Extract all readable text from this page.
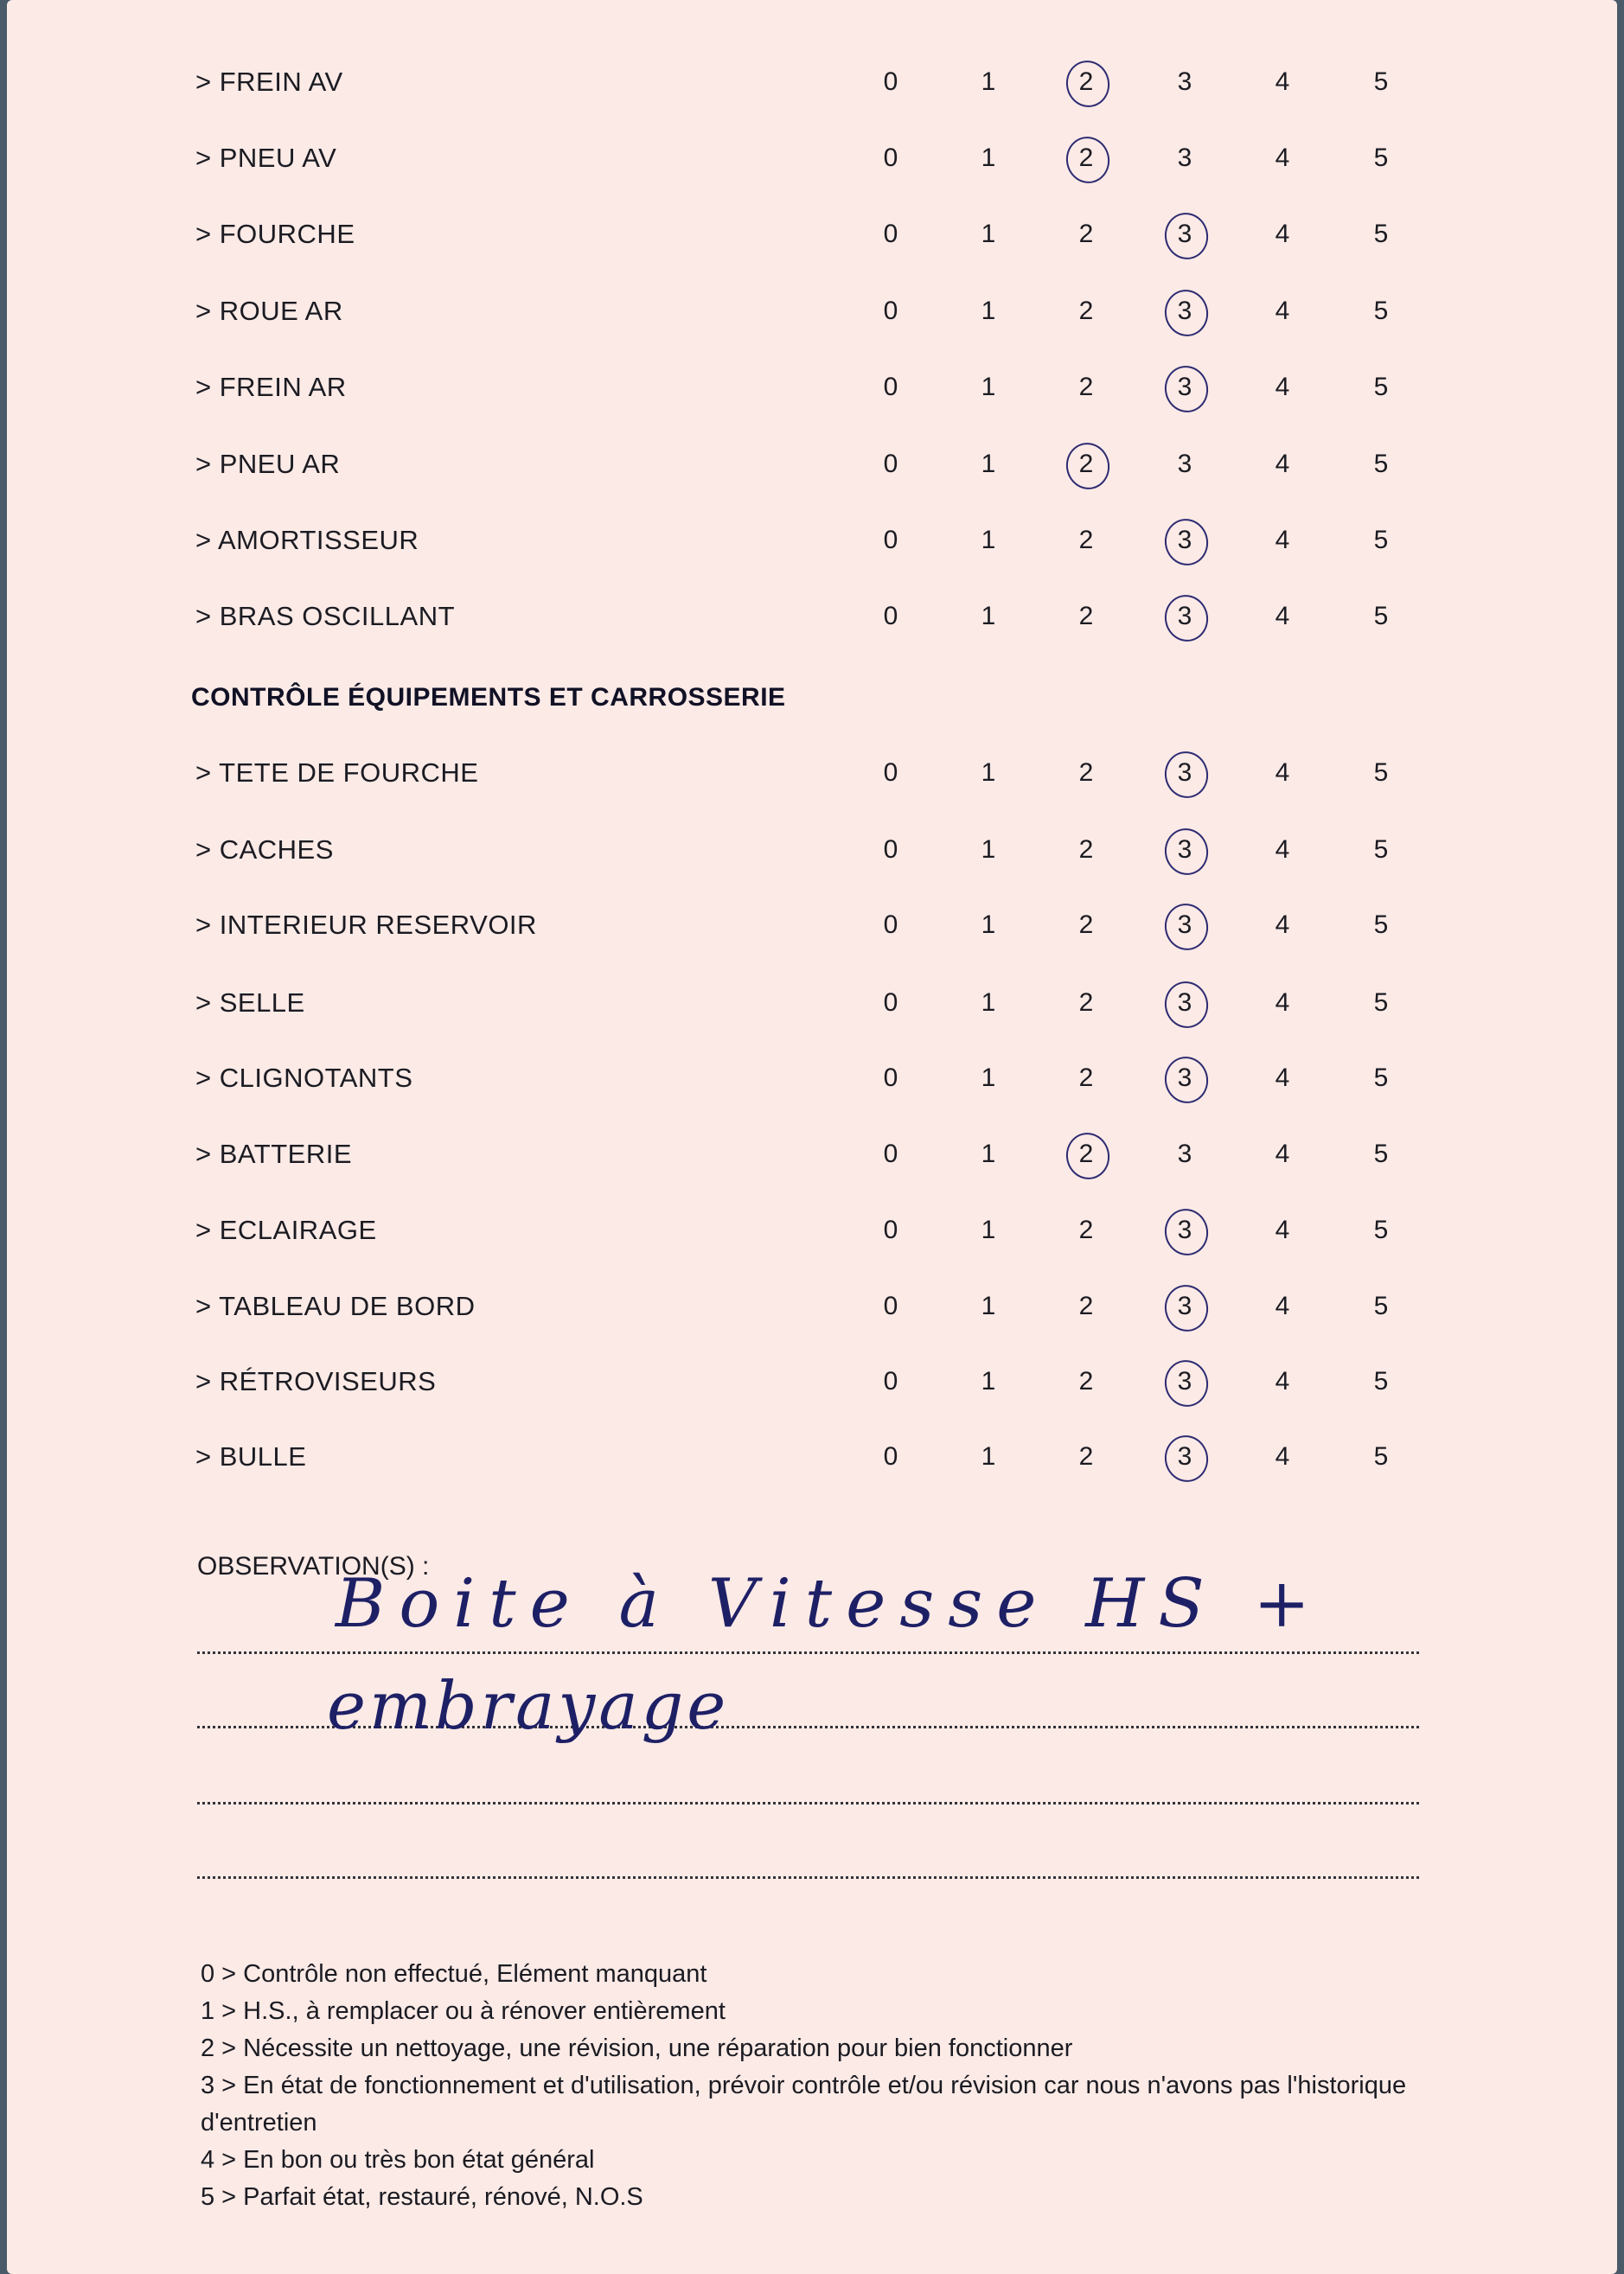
> FREIN AV	0	1	2	3	4	5
> PNEU AV	0	1	2	3	4	5
> FOURCHE	0	1	2	3	4	5
> ROUE AR	0	1	2	3	4	5
> FREIN AR	0	1	2	3	4	5
> PNEU AR	0	1	2	3	4	5
> AMORTISSEUR	0	1	2	3	4	5
> BRAS OSCILLANT	0	1	2	3	4	5
> TETE DE FOURCHE	0	1	2	3	4	5
> CACHES	0	1	2	3	4	5
> INTERIEUR RESERVOIR	0	1	2	3	4	5
> SELLE	0	1	2	3	4	5
> CLIGNOTANTS	0	1	2	3	4	5
> BATTERIE	0	1	2	3	4	5
> ECLAIRAGE	0	1	2	3	4	5
> TABLEAU DE BORD	0	1	2	3	4	5
> RÉTROVISEURS	0	1	2	3	4	5
> BULLE	0	1	2	3	4	5
CONTRÔLE ÉQUIPEMENTS ET CARROSSERIE
OBSERVATION(S) :
Boite à Vitesse HS +
embrayage
0 > Contrôle non effectué, Elément manquant
1 > H.S., à remplacer ou à rénover entièrement
2 > Nécessite un nettoyage, une révision, une réparation pour bien fonctionner
3 > En état de fonctionnement et d'utilisation, prévoir contrôle et/ou révision car nous n'avons pas l'historique d'entretien
4 > En bon ou très bon état général
5 > Parfait état, restauré, rénové, N.O.S
